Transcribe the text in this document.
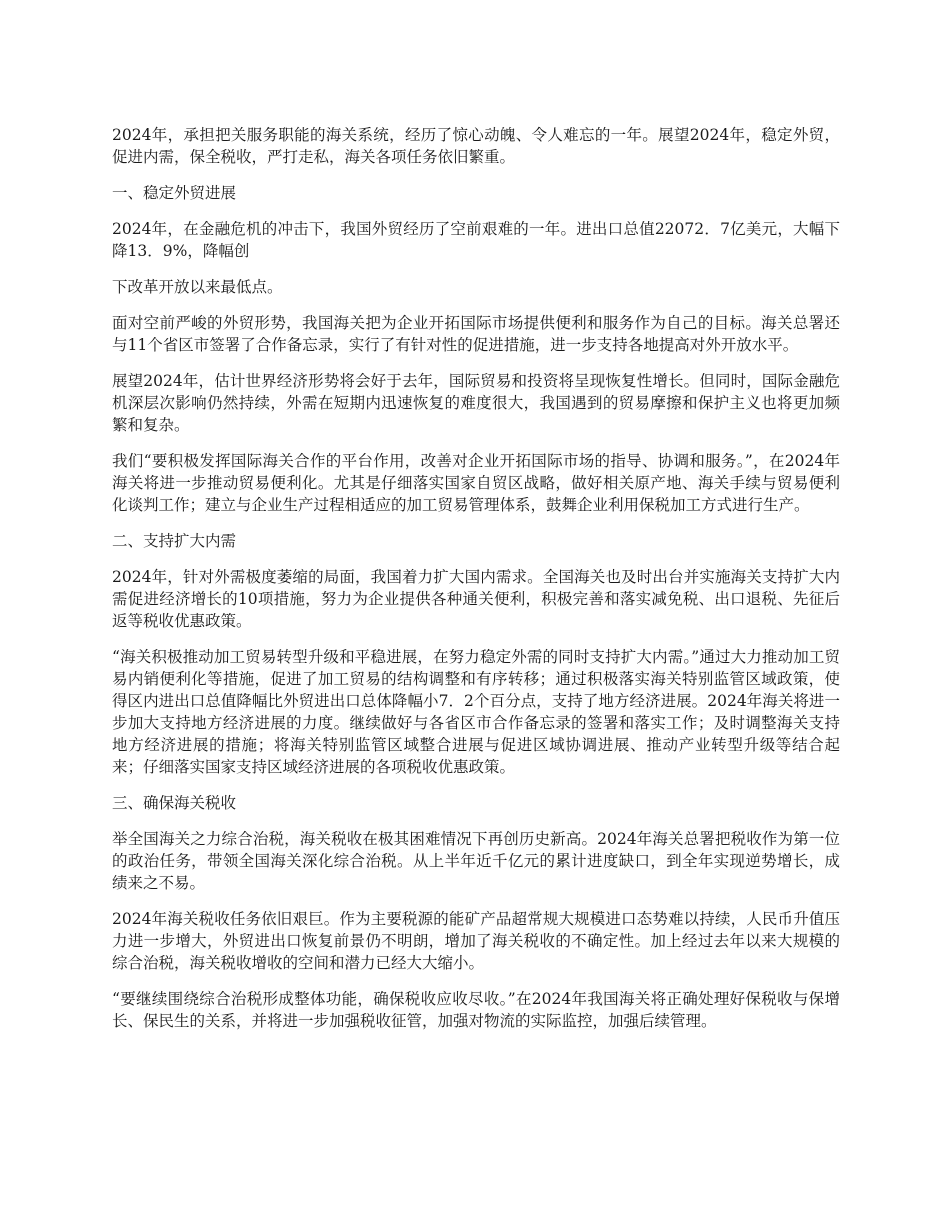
2024年，承担把关服务职能的海关系统，经历了惊心动魄、令人难忘的一年。展望2024年，稳定外贸，促进内需，保全税收，严打走私，海关各项任务依旧繁重。

一、稳定外贸进展

2024年，在金融危机的冲击下，我国外贸经历了空前艰难的一年。进出口总值22072．7亿美元，大幅下降13．9%，降幅创

下改革开放以来最低点。

面对空前严峻的外贸形势，我国海关把为企业开拓国际市场提供便利和服务作为自己的目标。海关总署还与11个省区市签署了合作备忘录，实行了有针对性的促进措施，进一步支持各地提高对外开放水平。

展望2024年，估计世界经济形势将会好于去年，国际贸易和投资将呈现恢复性增长。但同时，国际金融危机深层次影响仍然持续，外需在短期内迅速恢复的难度很大，我国遇到的贸易摩擦和保护主义也将更加频繁和复杂。

我们“要积极发挥国际海关合作的平台作用，改善对企业开拓国际市场的指导、协调和服务。”，在2024年海关将进一步推动贸易便利化。尤其是仔细落实国家自贸区战略，做好相关原产地、海关手续与贸易便利化谈判工作；建立与企业生产过程相适应的加工贸易管理体系，鼓舞企业利用保税加工方式进行生产。

二、支持扩大内需

2024年，针对外需极度萎缩的局面，我国着力扩大国内需求。全国海关也及时出台并实施海关支持扩大内需促进经济增长的10项措施，努力为企业提供各种通关便利，积极完善和落实减免税、出口退税、先征后返等税收优惠政策。

“海关积极推动加工贸易转型升级和平稳进展，在努力稳定外需的同时支持扩大内需。”通过大力推动加工贸易内销便利化等措施，促进了加工贸易的结构调整和有序转移；通过积极落实海关特别监管区域政策，使得区内进出口总值降幅比外贸进出口总体降幅小7．2个百分点，支持了地方经济进展。2024年海关将进一步加大支持地方经济进展的力度。继续做好与各省区市合作备忘录的签署和落实工作；及时调整海关支持地方经济进展的措施；将海关特别监管区域整合进展与促进区域协调进展、推动产业转型升级等结合起来；仔细落实国家支持区域经济进展的各项税收优惠政策。

三、确保海关税收

举全国海关之力综合治税，海关税收在极其困难情况下再创历史新高。2024年海关总署把税收作为第一位的政治任务，带领全国海关深化综合治税。从上半年近千亿元的累计进度缺口，到全年实现逆势增长，成绩来之不易。

2024年海关税收任务依旧艰巨。作为主要税源的能矿产品超常规大规模进口态势难以持续，人民币升值压力进一步增大，外贸进出口恢复前景仍不明朗，增加了海关税收的不确定性。加上经过去年以来大规模的综合治税，海关税收增收的空间和潜力已经大大缩小。

“要继续围绕综合治税形成整体功能，确保税收应收尽收。”在2024年我国海关将正确处理好保税收与保增长、保民生的关系，并将进一步加强税收征管，加强对物流的实际监控，加强后续管理。
